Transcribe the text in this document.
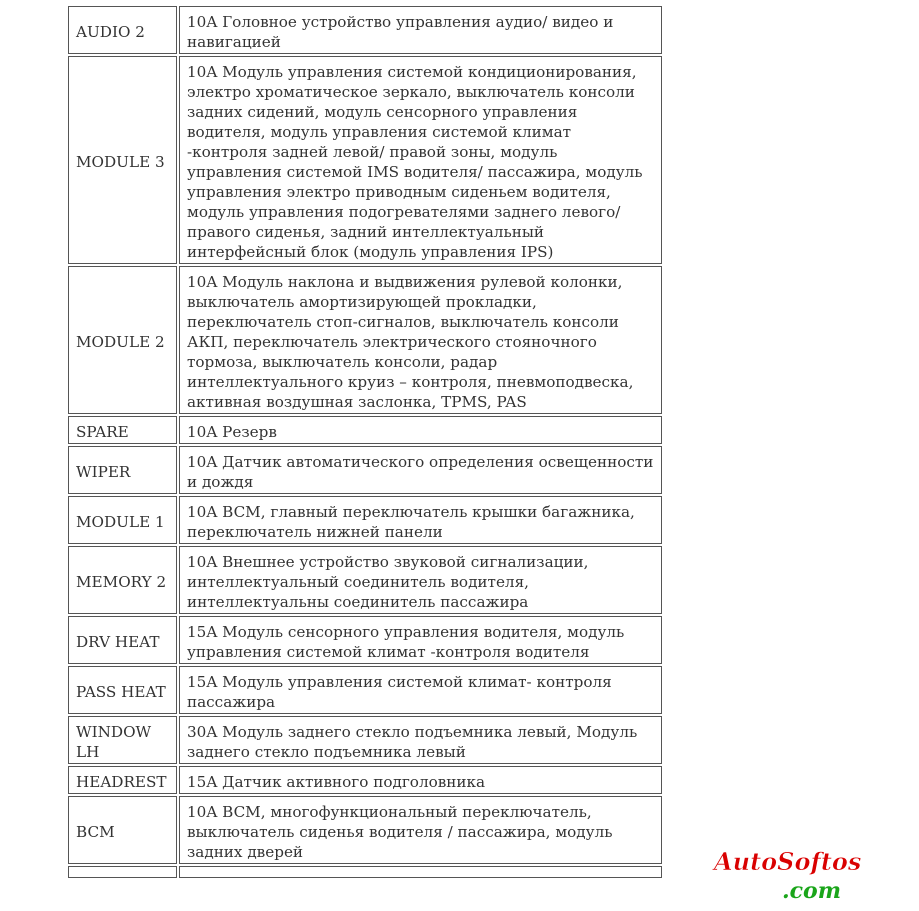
AUDIO 2	10A Головное устройство управления аудио/ видео и навигацией
MODULE 3	10A Модуль управления системой кондиционирования, электро хроматическое зеркало, выключатель консоли задних сидений, модуль сенсорного управления водителя, модуль управления системой климат -контроля задней левой/ правой зоны, модуль управления системой IMS водителя/ пассажира, модуль управления электро приводным сиденьем водителя, модуль управления подогревателями заднего левого/ правого сиденья, задний интеллектуальный интерфейсный блок (модуль управления IPS)
MODULE 2	10A Модуль наклона и выдвижения рулевой колонки, выключатель амортизирующей прокладки, переключатель стоп-сигналов, выключатель консоли АКП, переключатель электрического стояночного тормоза, выключатель консоли, радар интеллектуального круиз – контроля, пневмоподвеска, активная воздушная заслонка, TPMS, PAS
SPARE	10A Резерв
WIPER	10A Датчик автоматического определения освещенности и дождя
MODULE 1	10A BCM, главный переключатель крышки багажника, переключатель нижней панели
MEMORY 2	10A Внешнее устройство звуковой сигнализации, интеллектуальный соединитель водителя, интеллектуальны соединитель пассажира
DRV HEAT	15A Модуль сенсорного управления водителя, модуль управления системой климат -контроля водителя
PASS HEAT	15A Модуль управления системой климат- контроля пассажира
WINDOW LH	30A Модуль заднего стекло подъемника левый, Модуль заднего стекло подъемника левый
HEADREST	15A Датчик активного подголовника
BCM	10A BCM, многофункциональный переключатель, выключатель сиденья водителя / пассажира, модуль задних дверей
		AutoSoftos
.com
